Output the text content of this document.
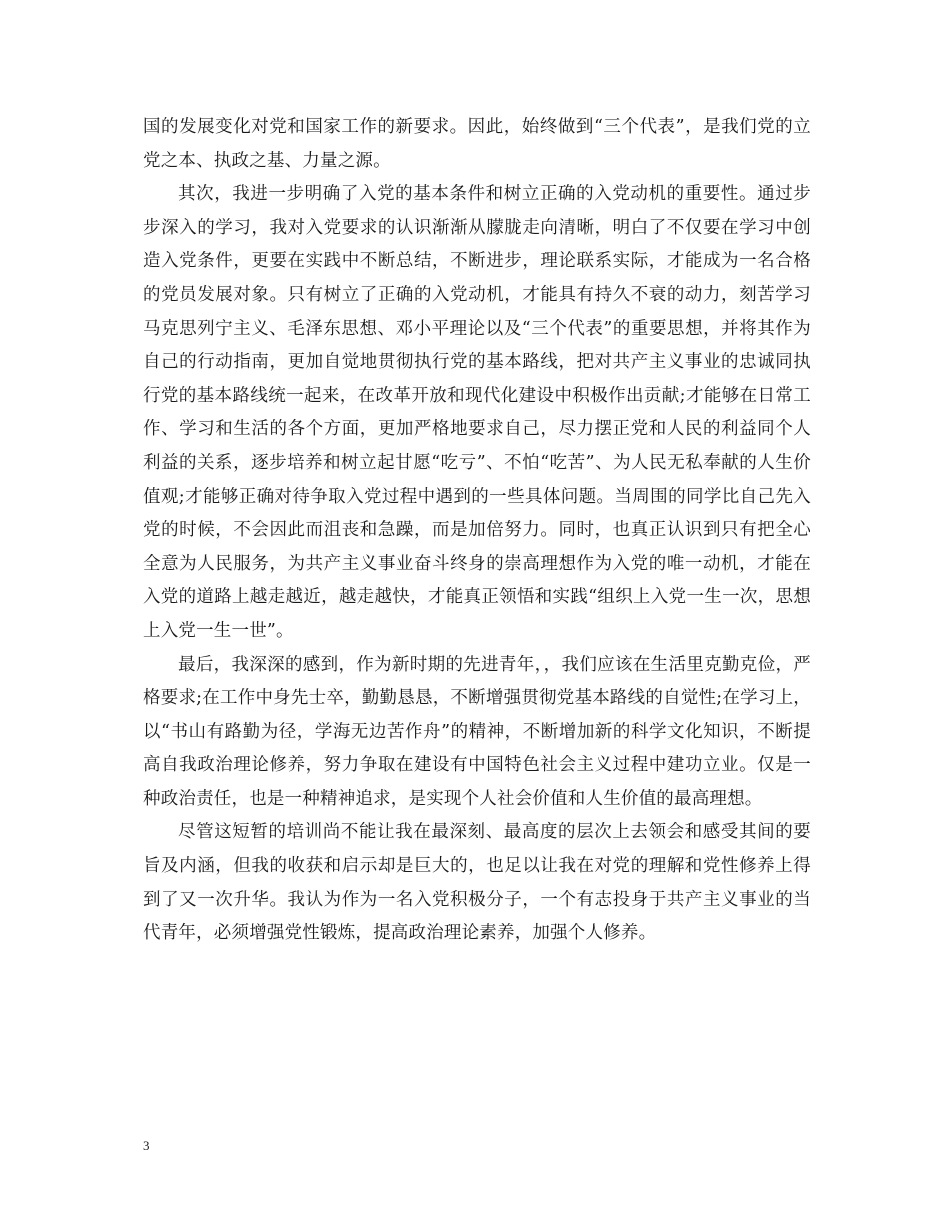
国的发展变化对党和国家工作的新要求。因此，始终做到“三个代表”，是我们党的立党之本、执政之基、力量之源。

其次，我进一步明确了入党的基本条件和树立正确的入党动机的重要性。通过步步深入的学习，我对入党要求的认识渐渐从朦胧走向清晰，明白了不仅要在学习中创造入党条件，更要在实践中不断总结，不断进步，理论联系实际，才能成为一名合格的党员发展对象。只有树立了正确的入党动机，才能具有持久不衰的动力，刻苦学习马克思列宁主义、毛泽东思想、邓小平理论以及“三个代表”的重要思想，并将其作为自己的行动指南，更加自觉地贯彻执行党的基本路线，把对共产主义事业的忠诚同执行党的基本路线统一起来，在改革开放和现代化建设中积极作出贡献;才能够在日常工作、学习和生活的各个方面，更加严格地要求自己，尽力摆正党和人民的利益同个人利益的关系，逐步培养和树立起甘愿“吃亏”、不怕“吃苦”、为人民无私奉献的人生价值观;才能够正确对待争取入党过程中遇到的一些具体问题。当周围的同学比自己先入党的时候，不会因此而沮丧和急躁，而是加倍努力。同时，也真正认识到只有把全心全意为人民服务，为共产主义事业奋斗终身的崇高理想作为入党的唯一动机，才能在入党的道路上越走越近，越走越快，才能真正领悟和实践“组织上入党一生一次，思想上入党一生一世”。

最后，我深深的感到，作为新时期的先进青年，，我们应该在生活里克勤克俭，严格要求;在工作中身先士卒，勤勤恳恳，不断增强贯彻党基本路线的自觉性;在学习上，以“书山有路勤为径，学海无边苦作舟”的精神，不断增加新的科学文化知识，不断提高自我政治理论修养，努力争取在建设有中国特色社会主义过程中建功立业。仅是一种政治责任，也是一种精神追求，是实现个人社会价值和人生价值的最高理想。

尽管这短暂的培训尚不能让我在最深刻、最高度的层次上去领会和感受其间的要旨及内涵，但我的收获和启示却是巨大的，也足以让我在对党的理解和党性修养上得到了又一次升华。我认为作为一名入党积极分子，一个有志投身于共产主义事业的当代青年，必须增强党性锻炼，提高政治理论素养，加强个人修养。

3
